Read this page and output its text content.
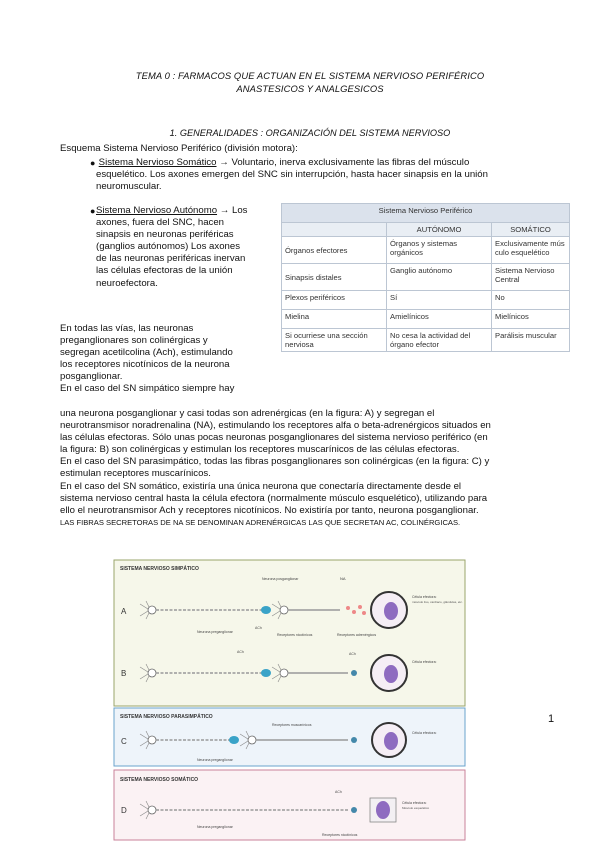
TEMA 0 : FARMACOS QUE ACTUAN EN EL SISTEMA NERVIOSO PERIFÉRICO
ANASTESICOS Y ANALGESICOS
1. GENERALIDADES : ORGANIZACIÓN DEL SISTEMA NERVIOSO
Esquema Sistema Nervioso Periférico (división motora):
● Sistema Nervioso Somático → Voluntario, inerva exclusivamente las fibras del músculo
esquelético. Los axones emergen del SNC sin interrupción, hasta hacer sinapsis en la unión
neuromuscular.
● Sistema Nervioso Autónomo → Los
axones, fuera del SNC, hacen
sinapsis en neuronas periféricas
(ganglios autónomos) Los axones
de las neuronas periféricas inervan
las células efectoras de la unión
neuroefectora.
En todas las vías, las neuronas
preganglionares son colinérgicas y
segregan acetilcolina (Ach), estimulando
los receptores nicotínicos de la neurona
posganglionar.
En el caso del SN simpático siempre hay
Sistema Nervioso Periférico		
	AUTÓNOMO	SOMÁTICO
Órganos efectores	Órganos y sistemas orgánicos	Exclusivamente mús culo esquelético
Sinapsis distales	Ganglio autónomo	Sistema Nervioso Central
Plexos periféricos	Sí	No
Mielina	Amielínicos	Mielínicos
Si ocurriese una sección nerviosa	No cesa la actividad del órgano efector	Parálisis muscular
una neurona posganglionar y casi todas son adrenérgicas (en la figura: A) y segregan el
neurotransmisor noradrenalina (NA), estimulando los receptores alfa o beta-adrenérgicos situados en
las células efectoras. Sólo unas pocas neuronas posganglionares del sistema nervioso periférico (en
la figura: B) son colinérgicas y estimulan los receptores muscarínicos de las células efectoras.
En el caso del SN parasimpático, todas las fibras posganglionares son colinérgicas (en la figura: C) y
estimulan receptores muscarínicos.
En el caso del SN somático, existiría una única neurona que conectaría directamente desde el
sistema nervioso central hasta la célula efectora (normalmente músculo esquelético), utilizando para
ello el neurotransmisor Ach y receptores nicotínicos. No existiría por tanto, neurona posganglionar.
LAS FIBRAS SECRETORAS DE NA SE DENOMINAN ADRENÉRGICAS LAS QUE SECRETAN AC, COLINÉRGICAS.
SISTEMA NERVIOSO SIMPÁTICO
A
B
Neurona preganglionar
Neurona posganglionar	NA
ACh
Receptores nicotínicos	Receptores adrenérgicos
Célula efectora:
músculo liso, cardíaco, glándulas, etc.
ACh	ACh
Célula efectora:
SISTEMA NERVIOSO PARASIMPÁTICO
C
Neurona preganglionar
Receptores muscarínicos
Célula efectora:
SISTEMA NERVIOSO SOMÁTICO
D
Neurona preganglionar
ACh
Receptores nicotínicos
Célula efectora:
Músculo esquelético
1
